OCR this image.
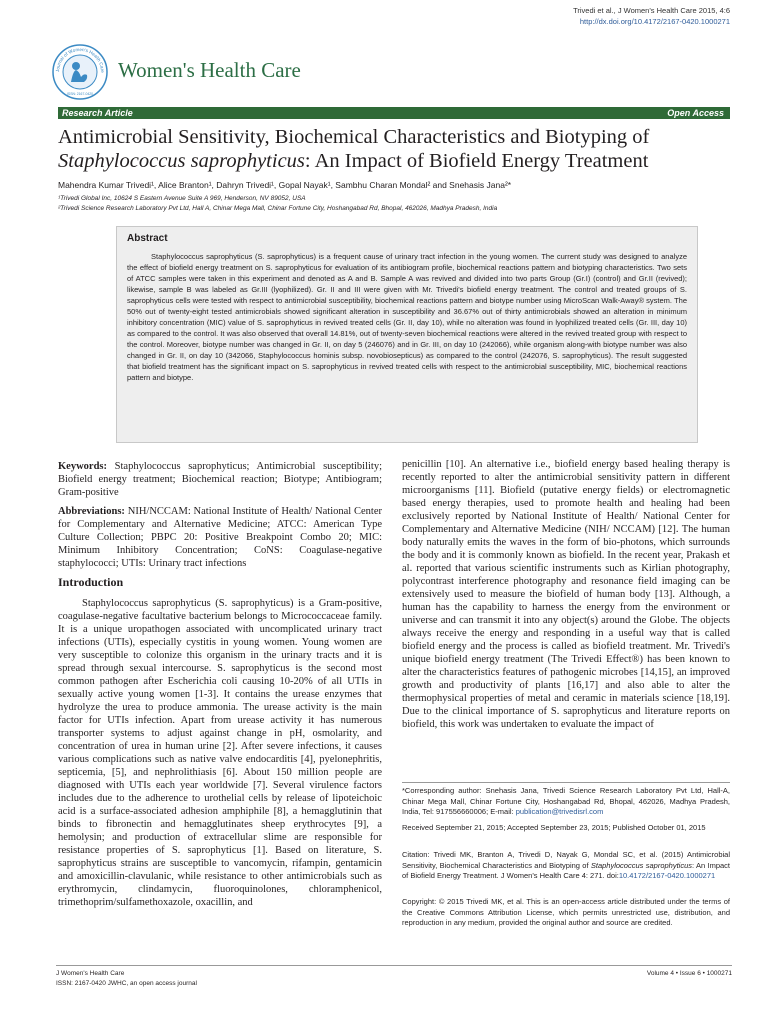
Trivedi et al., J Women's Health Care 2015, 4:6
http://dx.doi.org/10.4172/2167-0420.1000271
Journal of Women's Health Care
ISSN: 2167-0420
Women's Health Care
Research Article	Open Access
Antimicrobial Sensitivity, Biochemical Characteristics and Biotyping of
Staphylococcus saprophyticus: An Impact of Biofield Energy Treatment
Mahendra Kumar Trivedi¹, Alice Branton¹, Dahryn Trivedi¹, Gopal Nayak¹, Sambhu Charan Mondal² and Snehasis Jana²*
¹Trivedi Global Inc, 10624 S Eastern Avenue Suite A 969, Henderson, NV 89052, USA
²Trivedi Science Research Laboratory Pvt Ltd, Hall A, Chinar Mega Mall, Chinar Fortune City, Hoshangabad Rd, Bhopal, 462026, Madhya Pradesh, India
Abstract

Staphylococcus saprophyticus (S. saprophyticus) is a frequent cause of urinary tract infection in the young women. The current study was designed to analyze the effect of biofield energy treatment on S. saprophyticus for evaluation of its antibiogram profile, biochemical reactions pattern and biotyping characteristics. Two sets of ATCC samples were taken in this experiment and denoted as A and B. Sample A was revived and divided into two parts Group (Gr.I) (control) and Gr.II (revived); likewise, sample B was labeled as Gr.III (lyophilized). Gr. II and III were given with Mr. Trivedi's biofield energy treatment. The control and treated groups of S. saprophyticus cells were tested with respect to antimicrobial susceptibility, biochemical reactions pattern and biotype number using MicroScan Walk-Away® system. The 50% out of twenty-eight tested antimicrobials showed significant alteration in susceptibility and 36.67% out of thirty antimicrobials showed an alteration in minimum inhibitory concentration (MIC) value of S. saprophyticus in revived treated cells (Gr. II, day 10), while no alteration was found in lyophilized treated cells (Gr. III, day 10) as compared to the control. It was also observed that overall 14.81%, out of twenty-seven biochemical reactions were altered in the revived treated group with respect to the control. Moreover, biotype number was changed in Gr. II, on day 5 (246076) and in Gr. III, on day 10 (242066), while organism along-with biotype number was also changed in Gr. II, on day 10 (342066, Staphylococcus hominis subsp. novobiosepticus) as compared to the control (242076, S. saprophyticus). The result suggested that biofield treatment has the significant impact on S. saprophyticus in revived treated cells with respect to the antimicrobial susceptibility, MIC, biochemical reactions pattern and biotype.

Keywords: Staphylococcus saprophyticus; Antimicrobial susceptibility; Biofield energy treatment; Biochemical reaction; Biotype; Antibiogram; Gram-positive

Abbreviations: NIH/NCCAM: National Institute of Health/ National Center for Complementary and Alternative Medicine; ATCC: American Type Culture Collection; PBPC 20: Positive Breakpoint Combo 20; MIC: Minimum Inhibitory Concentration; CoNS: Coagulase-negative staphylococci; UTIs: Urinary tract infections

Introduction

Staphylococcus saprophyticus (S. saprophyticus) is a Gram-positive, coagulase-negative facultative bacterium belongs to Micrococcaceae family. It is a unique uropathogen associated with uncomplicated urinary tract infections (UTIs), especially cystitis in young women. Young women are very susceptible to colonize this organism in the urinary tracts and it is spread through sexual intercourse. S. saprophyticus is the second most common pathogen after Escherichia coli causing 10-20% of all UTIs in sexually active young women [1-3]. It contains the urease enzymes that hydrolyze the urea to produce ammonia. The urease activity is the main factor for UTIs infection. Apart from urease activity it has numerous transporter systems to adjust against change in pH, osmolarity, and concentration of urea in human urine [2]. After severe infections, it causes various complications such as native valve endocarditis [4], pyelonephritis, septicemia, [5], and nephrolithiasis [6]. About 150 million people are diagnosed with UTIs each year worldwide [7]. Several virulence factors includes due to the adherence to urothelial cells by release of lipoteichoic acid is a surface-associated adhesion amphiphile [8], a hemagglutinin that binds to fibronectin and hemagglutinates sheep erythrocytes [9], a hemolysin; and production of extracellular slime are responsible for resistance properties of S. saprophyticus [1]. Based on literature, S. saprophyticus strains are susceptible to vancomycin, rifampin, gentamicin and amoxicillin-clavulanic, while resistance to other antimicrobials such as erythromycin, clindamycin, fluoroquinolones, chloramphenicol, trimethoprim/sulfamethoxazole, oxacillin, and

penicillin [10]. An alternative i.e., biofield energy based healing therapy is recently reported to alter the antimicrobial sensitivity pattern in different microorganisms [11]. Biofield (putative energy fields) or electromagnetic based energy therapies, used to promote health and healing had been exclusively reported by National Institute of Health/ National Center for Complementary and Alternative Medicine (NIH/ NCCAM) [12]. The human body naturally emits the waves in the form of bio-photons, which surrounds the body and it is commonly known as biofield. In the recent year, Prakash et al. reported that various scientific instruments such as Kirlian photography, polycontrast interference photography and resonance field imaging can be extensively used to measure the biofield of human body [13]. Although, a human has the capability to harness the energy from the environment or universe and can transmit it into any object(s) around the Globe. The objects always receive the energy and responding in a useful way that is called biofield energy and the process is called as biofield treatment. Mr. Trivedi's unique biofield energy treatment (The Trivedi Effect®) has been known to alter the characteristics features of pathogenic microbes [14,15], an improved growth and productivity of plants [16,17] and also able to alter the thermophysical properties of metal and ceramic in materials science [18,19]. Due to the clinical importance of S. saprophyticus and literature reports on biofield, this work was undertaken to evaluate the impact of

*Corresponding author: Snehasis Jana, Trivedi Science Research Laboratory Pvt Ltd, Hall-A, Chinar Mega Mall, Chinar Fortune City, Hoshangabad Rd, Bhopal, 462026, Madhya Pradesh, India, Tel: 917556660006; E-mail: publication@trivedisrl.com
Received September 21, 2015; Accepted September 23, 2015; Published October 01, 2015
Citation: Trivedi MK, Branton A, Trivedi D, Nayak G, Mondal SC, et al. (2015) Antimicrobial Sensitivity, Biochemical Characteristics and Biotyping of Staphylococcus saprophyticus: An Impact of Biofield Energy Treatment. J Women's Health Care 4: 271. doi:10.4172/2167-0420.1000271
Copyright: © 2015 Trivedi MK, et al. This is an open-access article distributed under the terms of the Creative Commons Attribution License, which permits unrestricted use, distribution, and reproduction in any medium, provided the original author and source are credited.
J Women's Health Care
ISSN: 2167-0420 JWHC, an open access journal
Volume 4 • Issue 6 • 1000271
